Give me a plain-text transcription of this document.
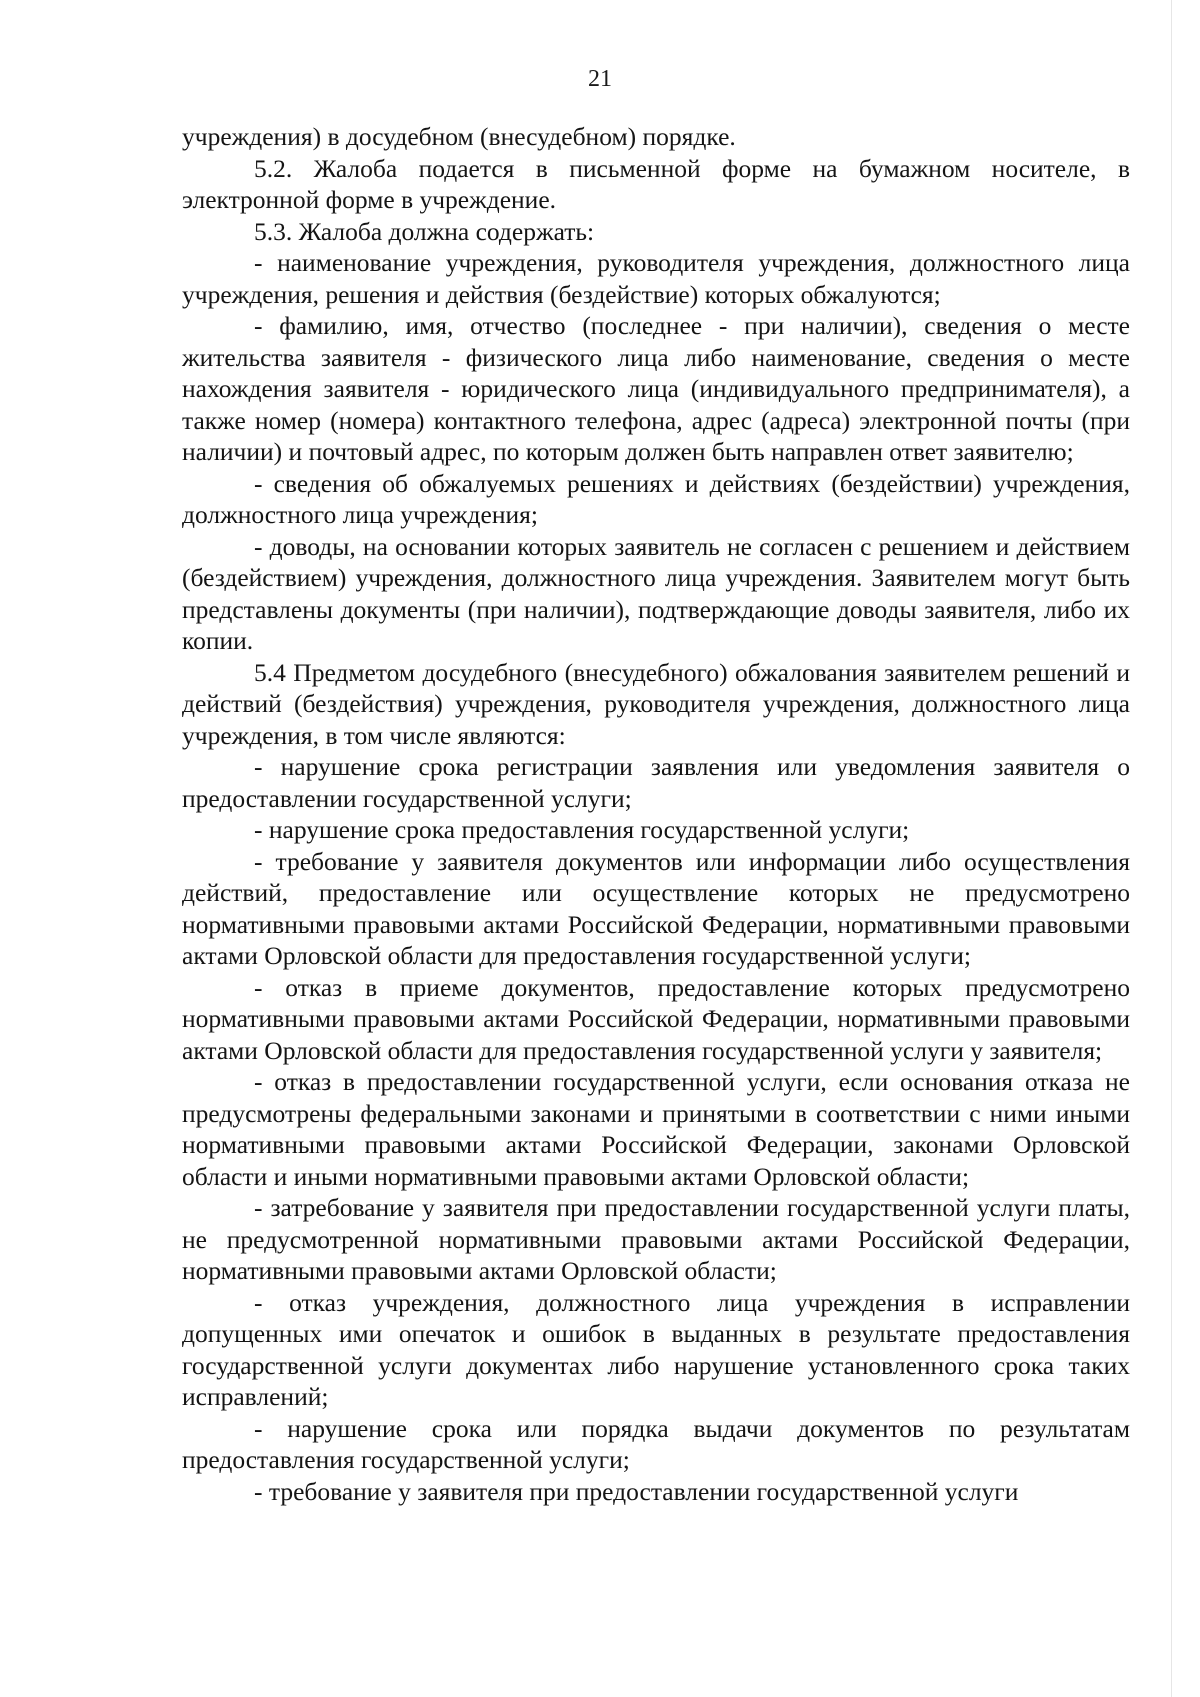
21

учреждения) в досудебном (внесудебном) порядке.

5.2. Жалоба подается в письменной форме на бумажном носителе, в электронной форме в учреждение.

5.3. Жалоба должна содержать:

- наименование учреждения, руководителя учреждения, должностного лица учреждения, решения и действия (бездействие) которых обжалуются;

- фамилию, имя, отчество (последнее - при наличии), сведения о месте жительства заявителя - физического лица либо наименование, сведения о месте нахождения заявителя - юридического лица (индивидуального предпринимателя), а также номер (номера) контактного телефона, адрес (адреса) электронной почты (при наличии) и почтовый адрес, по которым должен быть направлен ответ заявителю;

- сведения об обжалуемых решениях и действиях (бездействии) учреждения, должностного лица учреждения;

- доводы, на основании которых заявитель не согласен с решением и действием (бездействием) учреждения, должностного лица учреждения. Заявителем могут быть представлены документы (при наличии), подтверждающие доводы заявителя, либо их копии.

5.4 Предметом досудебного (внесудебного) обжалования заявителем решений и действий (бездействия) учреждения, руководителя учреждения, должностного лица учреждения, в том числе являются:

- нарушение срока регистрации заявления или уведомления заявителя о предоставлении государственной услуги;

- нарушение срока предоставления государственной услуги;

- требование у заявителя документов или информации либо осуществления действий, предоставление или осуществление которых не предусмотрено нормативными правовыми актами Российской Федерации, нормативными правовыми актами Орловской области для предоставления государственной услуги;

- отказ в приеме документов, предоставление которых предусмотрено нормативными правовыми актами Российской Федерации, нормативными правовыми актами Орловской области для предоставления государственной услуги у заявителя;

- отказ в предоставлении государственной услуги, если основания отказа не предусмотрены федеральными законами и принятыми в соответствии с ними иными нормативными правовыми актами Российской Федерации, законами Орловской области и иными нормативными правовыми актами Орловской области;

- затребование у заявителя при предоставлении государственной услуги платы, не предусмотренной нормативными правовыми актами Российской Федерации, нормативными правовыми актами Орловской области;

- отказ учреждения, должностного лица учреждения в исправлении допущенных ими опечаток и ошибок в выданных в результате предоставления государственной услуги документах либо нарушение установленного срока таких исправлений;

- нарушение срока или порядка выдачи документов по результатам предоставления государственной услуги;

- требование у заявителя при предоставлении государственной услуги
